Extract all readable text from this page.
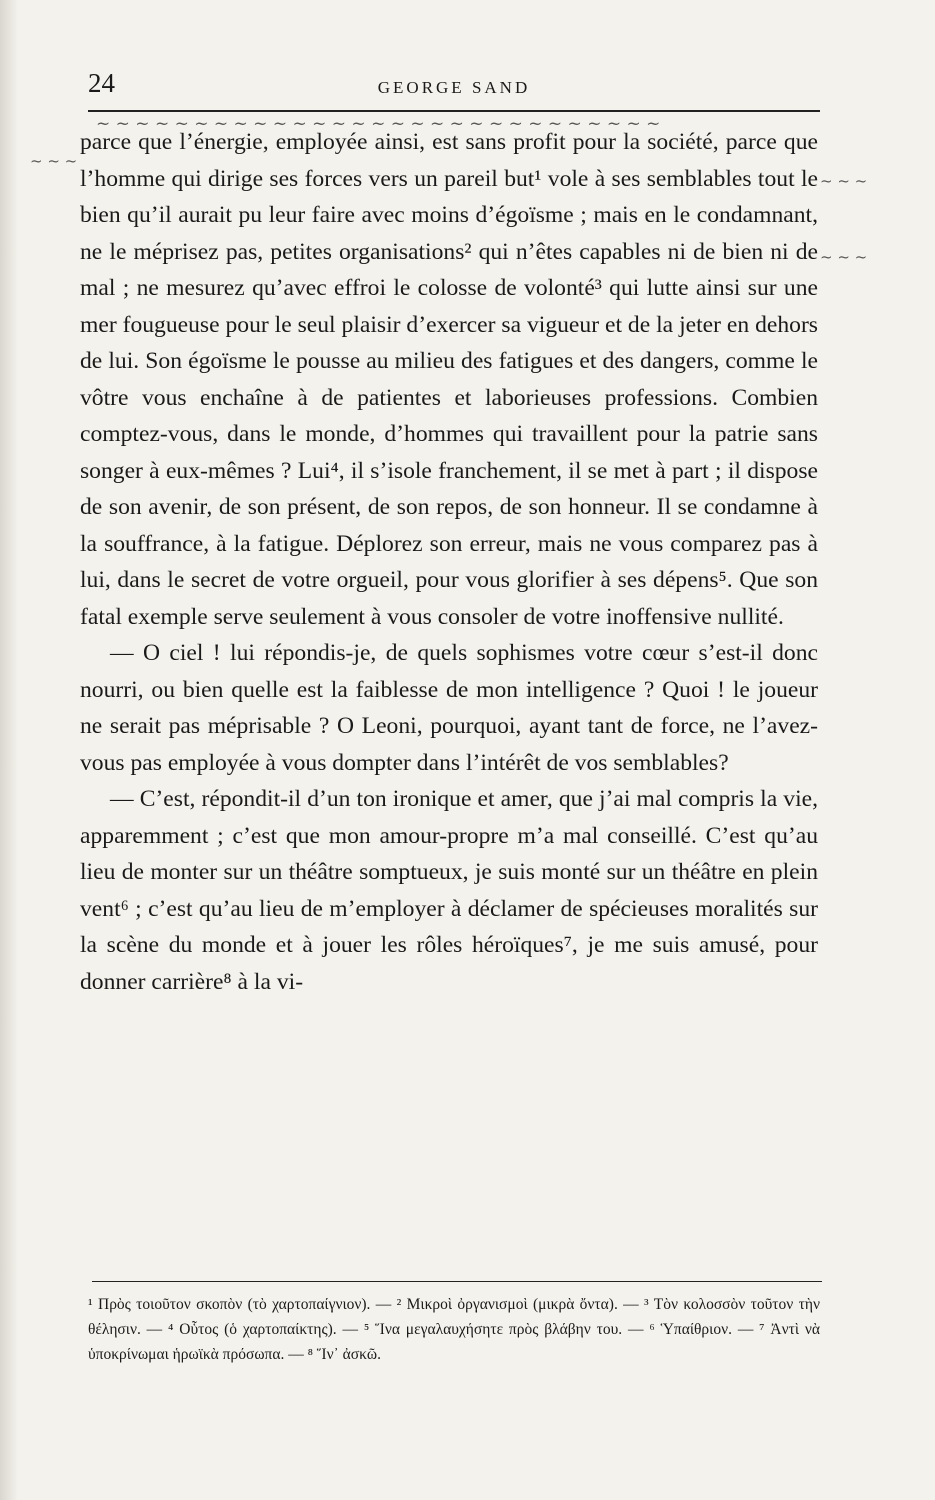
24	GEORGE SAND
~ ~ ~ ~ ~ ~ ~ ~ ~ ~ ~ ~ ~ ~ ~ ~ ~ ~ ~ ~ ~ ~ ~ ~ ~ ~ ~ ~ ~
~ ~ ~
~ ~ ~
~ ~ ~

parce que l’énergie, employée ainsi, est sans profit pour la société, parce que l’homme qui dirige ses forces vers un pareil but¹ vole à ses semblables tout le bien qu’il aurait pu leur faire avec moins d’égoïsme ; mais en le condamnant, ne le méprisez pas, petites organisations² qui n’êtes capables ni de bien ni de mal ; ne mesurez qu’avec effroi le colosse de volonté³ qui lutte ainsi sur une mer fougueuse pour le seul plaisir d’exercer sa vigueur et de la jeter en dehors de lui. Son égoïsme le pousse au milieu des fatigues et des dangers, comme le vôtre vous enchaîne à de patientes et laborieuses professions. Combien comptez-vous, dans le monde, d’hommes qui travaillent pour la patrie sans songer à eux-mêmes ? Lui⁴, il s’isole franchement, il se met à part ; il dispose de son avenir, de son présent, de son repos, de son honneur. Il se condamne à la souffrance, à la fatigue. Déplorez son erreur, mais ne vous comparez pas à lui, dans le secret de votre orgueil, pour vous glorifier à ses dépens⁵. Que son fatal exemple serve seulement à vous consoler de votre inoffensive nullité.

— O ciel ! lui répondis-je, de quels sophismes votre cœur s’est-il donc nourri, ou bien quelle est la faiblesse de mon intelligence ? Quoi ! le joueur ne serait pas méprisable ? O Leoni, pourquoi, ayant tant de force, ne l’avez-vous pas employée à vous dompter dans l’intérêt de vos semblables?

— C’est, répondit-il d’un ton ironique et amer, que j’ai mal compris la vie, apparemment ; c’est que mon amour-propre m’a mal conseillé. C’est qu’au lieu de monter sur un théâtre somptueux, je suis monté sur un théâtre en plein vent⁶ ; c’est qu’au lieu de m’employer à déclamer de spécieuses moralités sur la scène du monde et à jouer les rôles héroïques⁷, je me suis amusé, pour donner carrière⁸ à la vi-

¹ Πρὸς τοιοῦτον σκοπὸν (τὸ χαρτοπαίγνιον). — ² Μικροὶ ὀργανισμοὶ (μικρὰ ὄντα). — ³ Τὸν κολοσσὸν τοῦτον τὴν θέλησιν. — ⁴ Οὗτος (ὁ χαρτοπαίκτης). — ⁵ Ἵνα μεγαλαυχήσητε πρὸς βλάβην του. — ⁶ Ὑπαίθριον. — ⁷ Ἀντὶ νὰ ὑποκρίνωμαι ἡρωϊκὰ πρόσωπα. — ⁸ Ἵν᾽ ἀσκῶ.
